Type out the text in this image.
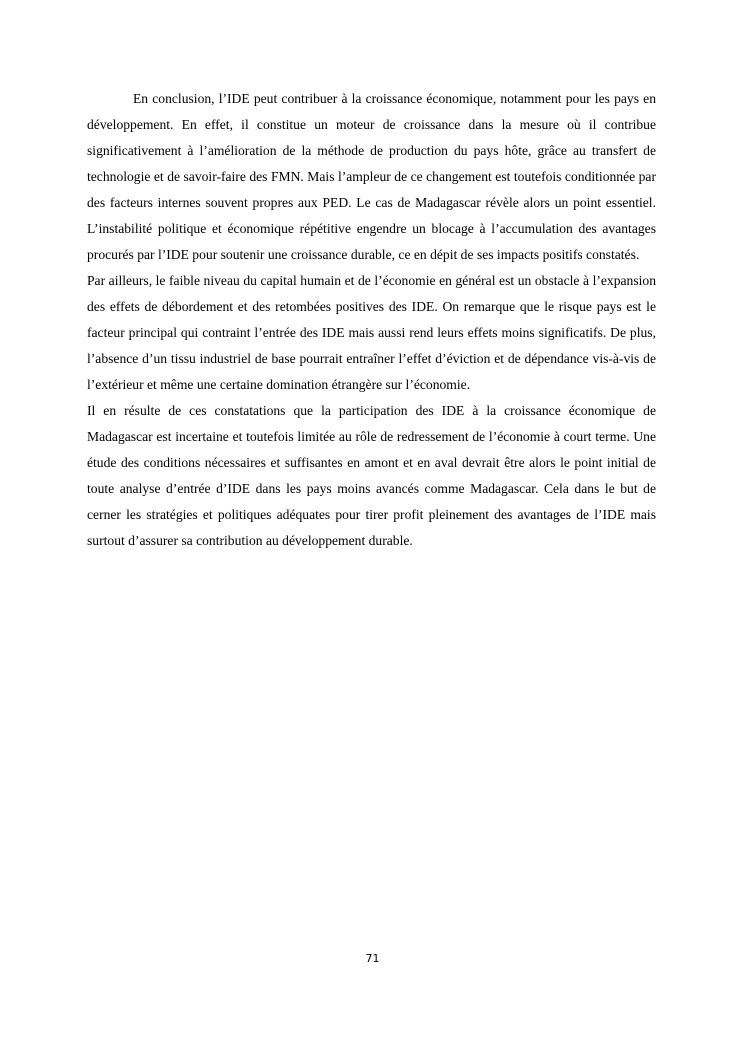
En conclusion, l’IDE peut contribuer à la croissance économique, notamment pour les pays en développement. En effet, il constitue un moteur de croissance dans la mesure où il contribue significativement à l’amélioration de la méthode de production du pays hôte, grâce au transfert de technologie et de savoir-faire des FMN. Mais l’ampleur de ce changement est toutefois conditionnée par des facteurs internes souvent propres aux PED. Le cas de Madagascar révèle alors un point essentiel. L’instabilité politique et économique répétitive engendre un blocage à l’accumulation des avantages procurés par l’IDE pour soutenir une croissance durable, ce en dépit de ses impacts positifs constatés.

Par ailleurs, le faible niveau du capital humain et de l’économie en général est un obstacle à l’expansion des effets de débordement et des retombées positives des IDE. On remarque que le risque pays est le facteur principal qui contraint l’entrée des IDE mais aussi rend leurs effets moins significatifs. De plus, l’absence d’un tissu industriel de base pourrait entraîner l’effet d’éviction et de dépendance vis-à-vis de l’extérieur et même une certaine domination étrangère sur l’économie.

Il en résulte de ces constatations que la participation des IDE à la croissance économique de Madagascar est incertaine et toutefois limitée au rôle de redressement de l’économie à court terme. Une étude des conditions nécessaires et suffisantes en amont et en aval devrait être alors le point initial de toute analyse d’entrée d’IDE dans les pays moins avancés comme Madagascar. Cela dans le but de cerner les stratégies et politiques adéquates pour tirer profit pleinement des avantages de l’IDE mais surtout d’assurer sa contribution au développement durable.

71
